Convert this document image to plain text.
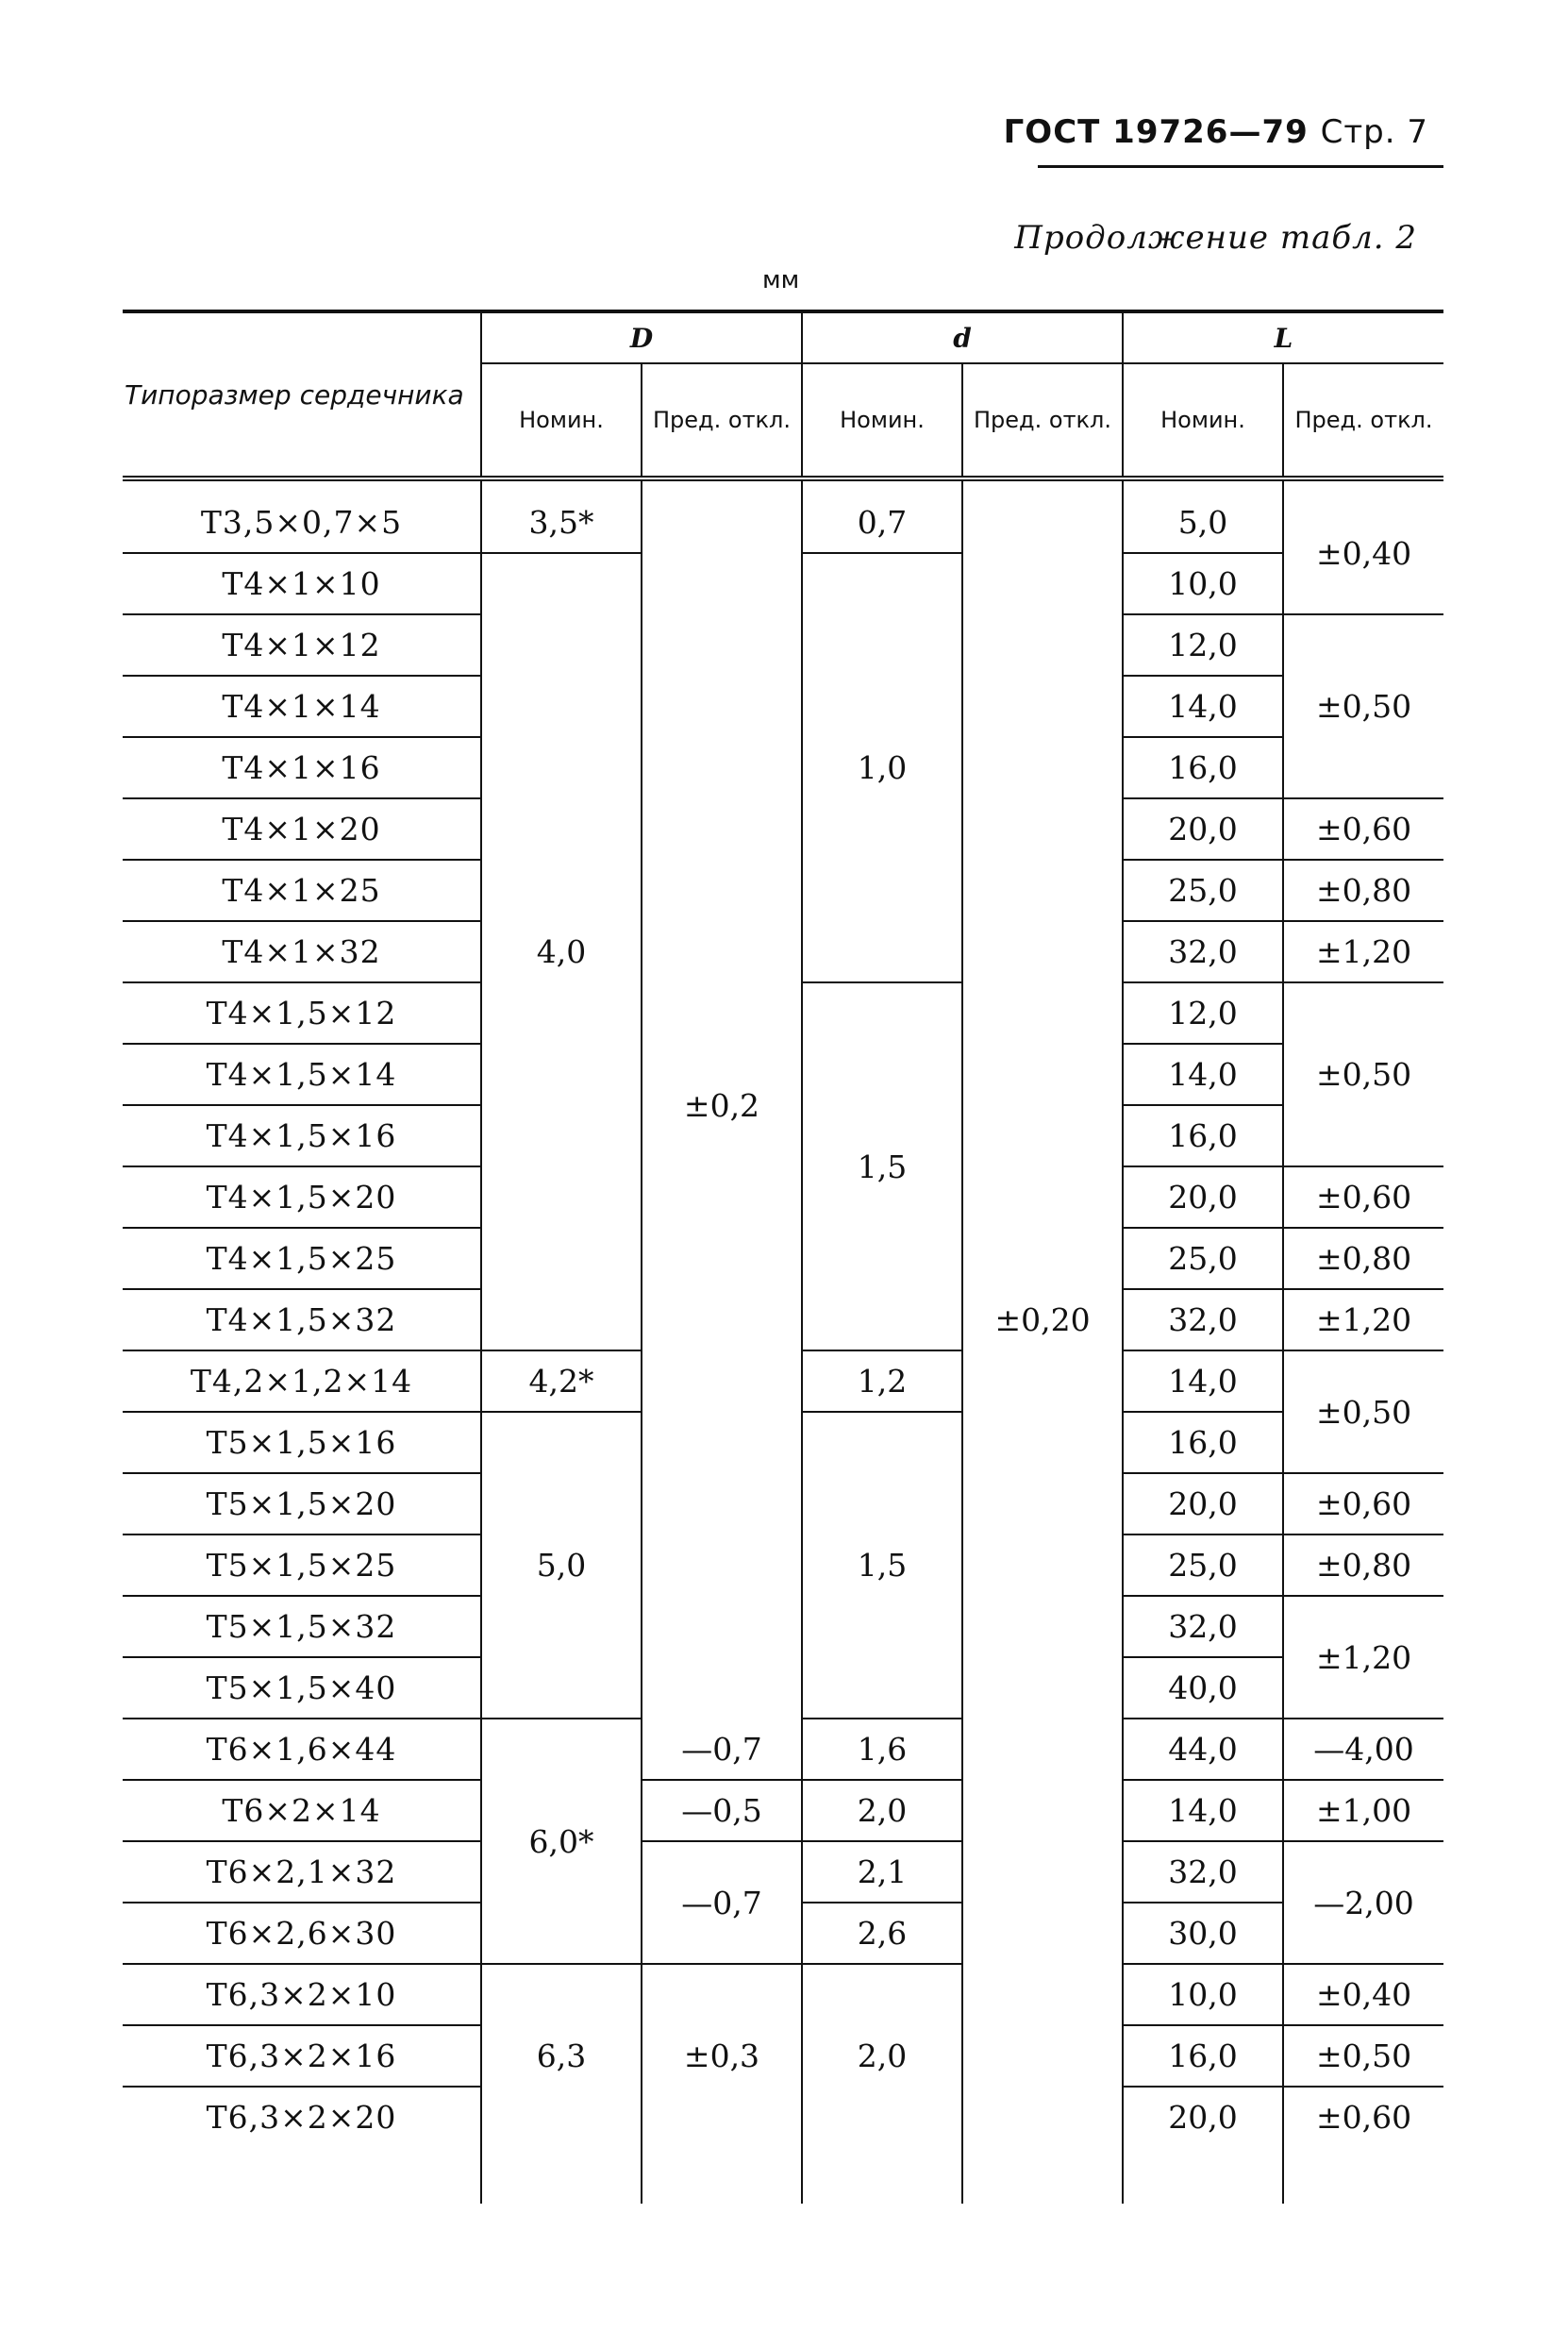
ГОСТ 19726—79 Стр. 7
Продолжение табл. 2
мм
Типоразмер сердечника	D		d		L	
	Номин.	Пред. откл.	Номин.	Пред. откл.	Номин.	Пред. откл.

Т3,5×0,7×5	3,5*	±0,2	0,7	±0,20	5,0	±0,40
Т4×1×10	4,0		1,0		10,0	
Т4×1×12					12,0	±0,50
Т4×1×14					14,0	
Т4×1×16					16,0	
Т4×1×20					20,0	±0,60
Т4×1×25					25,0	±0,80
Т4×1×32					32,0	±1,20
Т4×1,5×12			1,5		12,0	±0,50
Т4×1,5×14					14,0	
Т4×1,5×16					16,0	
Т4×1,5×20					20,0	±0,60
Т4×1,5×25					25,0	±0,80
Т4×1,5×32					32,0	±1,20
Т4,2×1,2×14	4,2*		1,2		14,0	±0,50
Т5×1,5×16	5,0		1,5		16,0	
Т5×1,5×20					20,0	±0,60
Т5×1,5×25					25,0	±0,80
Т5×1,5×32					32,0	±1,20
Т5×1,5×40					40,0	
Т6×1,6×44	6,0*	—0,7	1,6		44,0	—4,00
Т6×2×14		—0,5	2,0		14,0	±1,00
Т6×2,1×32		—0,7	2,1		32,0	—2,00
Т6×2,6×30			2,6		30,0	
Т6,3×2×10	6,3	±0,3	2,0		10,0	±0,40
Т6,3×2×16					16,0	±0,50
Т6,3×2×20					20,0	±0,60
